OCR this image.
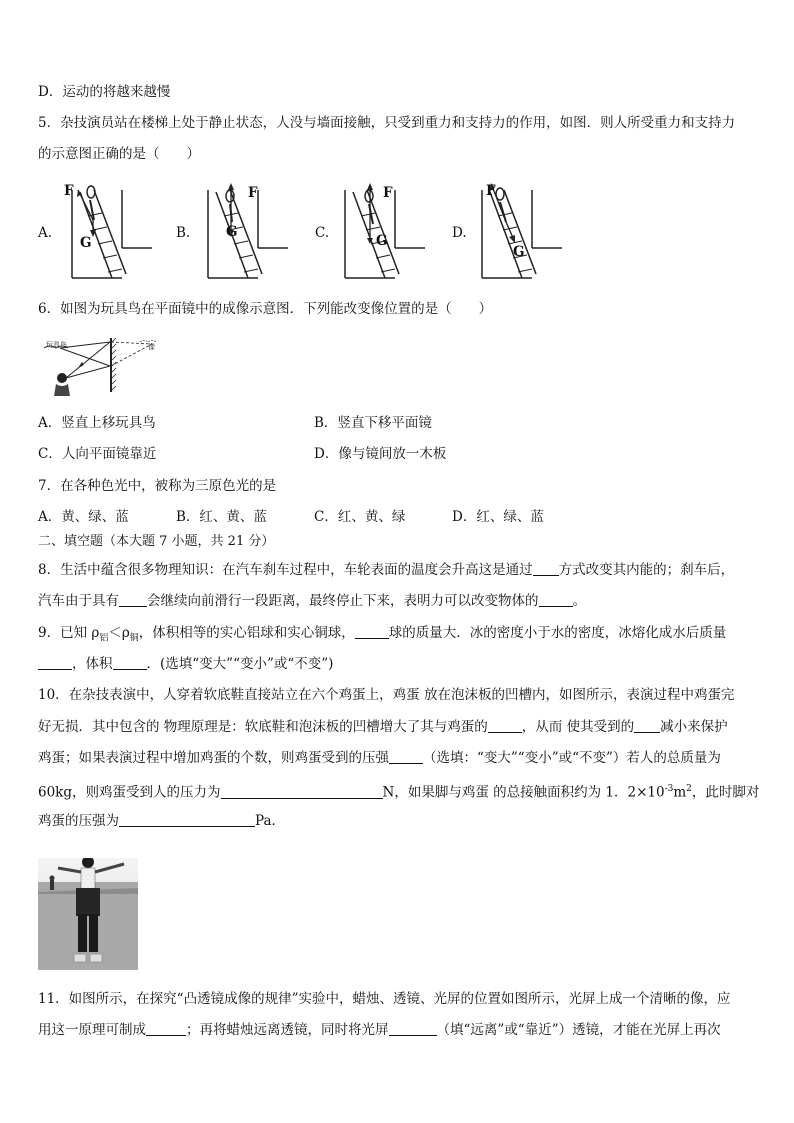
D．运动的将越来越慢
5．杂技演员站在楼梯上处于静止状态，人没与墙面接触，只受到重力和支持力的作用，如图．则人所受重力和支持力
的示意图正确的是（　　）
A.	B.	C.	D.
F
G
F
G
F
G
F
G
6．如图为玩具鸟在平面镜中的成像示意图．下列能改变像位置的是（　　）
玩具鸟	像
A．竖直上移玩具鸟	B．竖直下移平面镜
C．人向平面镜靠近	D．像与镜间放一木板
7．在各种色光中，被称为三原色光的是
A．黄、绿、蓝	B．红、黄、蓝	C．红、黄、绿	D．红、绿、蓝
二、填空题（本大题 7 小题，共 21 分）
8．生活中蕴含很多物理知识：在汽车刹车过程中，车轮表面的温度会升高这是通过 方式改变其内能的；刹车后，
汽车由于具有 会继续向前滑行一段距离，最终停止下来，表明力可以改变物体的	。
9．已知 $\rho_铝<\rho_铜$，体积相等的实心铝球和实心铜球，	球的质量大．冰的密度小于水的密度，冰熔化成水后质量
，体积	．(选填“变大”“变小”或“不变”)
10．在杂技表演中，人穿着软底鞋直接站立在六个鸡蛋上，鸡蛋 放在泡沫板的凹槽内，如图所示，表演过程中鸡蛋完
好无损．其中包含的 物理原理是：软底鞋和泡沫板的凹槽增大了其与鸡蛋的	，从而 使其受到的 减小来保护
鸡蛋；如果表演过程中增加鸡蛋的个数，则鸡蛋受到的压强	（选填：“变大”“变小”或“不变”）若人的总质量为
60kg，则鸡蛋受到人的压力为	N，如果脚与鸡蛋 的总接触面积约为 1．$2\times 10^{-3}m^2$，此时脚对
鸡蛋的压强为	Pa．
11．如图所示，在探究“凸透镜成像的规律”实验中，蜡烛、透镜、光屏的位置如图所示，光屏上成一个清晰的像，应
用这一原理可制成	；再将蜡烛远离透镜，同时将光屏	（填“远离”或“靠近”）透镜，才能在光屏上再次
